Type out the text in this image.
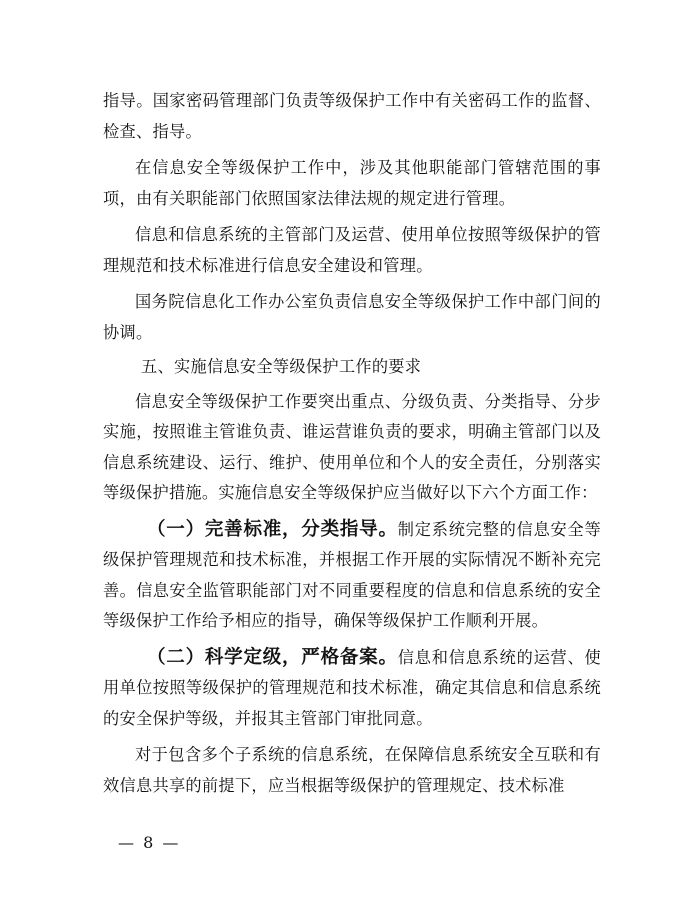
指导。国家密码管理部门负责等级保护工作中有关密码工作的监督、检查、指导。

在信息安全等级保护工作中，涉及其他职能部门管辖范围的事项，由有关职能部门依照国家法律法规的规定进行管理。

信息和信息系统的主管部门及运营、使用单位按照等级保护的管理规范和技术标准进行信息安全建设和管理。

国务院信息化工作办公室负责信息安全等级保护工作中部门间的协调。

五、实施信息安全等级保护工作的要求

信息安全等级保护工作要突出重点、分级负责、分类指导、分步实施，按照谁主管谁负责、谁运营谁负责的要求，明确主管部门以及信息系统建设、运行、维护、使用单位和个人的安全责任，分别落实等级保护措施。实施信息安全等级保护应当做好以下六个方面工作：

（一）完善标准，分类指导。制定系统完整的信息安全等级保护管理规范和技术标准，并根据工作开展的实际情况不断补充完善。信息安全监管职能部门对不同重要程度的信息和信息系统的安全等级保护工作给予相应的指导，确保等级保护工作顺利开展。

（二）科学定级，严格备案。信息和信息系统的运营、使用单位按照等级保护的管理规范和技术标准，确定其信息和信息系统的安全保护等级，并报其主管部门审批同意。

对于包含多个子系统的信息系统，在保障信息系统安全互联和有效信息共享的前提下，应当根据等级保护的管理规定、技术标准

— 8 —
